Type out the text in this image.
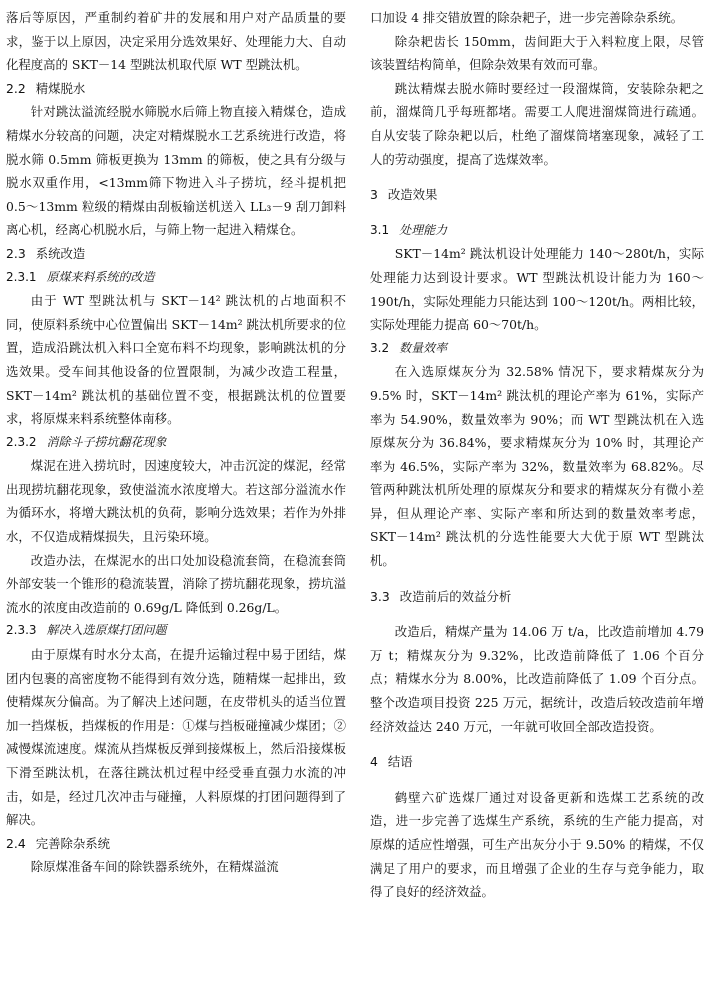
落后等原因，严重制约着矿井的发展和用户对产品质量的要求，鉴于以上原因，决定采用分选效果好、处理能力大、自动化程度高的 SKT－14 型跳汰机取代原 WT 型跳汰机。

2.2 精煤脱水

针对跳汰溢流经脱水筛脱水后筛上物直接入精煤仓，造成精煤水分较高的问题，决定对精煤脱水工艺系统进行改造，将脱水筛 0.5mm 筛板更换为 13mm 的筛板，使之具有分级与脱水双重作用，<13mm筛下物进入斗子捞坑，经斗提机把 0.5～13mm 粒级的精煤由刮板输送机送入 LL₃－9 刮刀卸料离心机，经离心机脱水后，与筛上物一起进入精煤仓。

2.3 系统改造
2.3.1 原煤来料系统的改造

由于 WT 型跳汰机与 SKT－14² 跳汰机的占地面积不同，使原料系统中心位置偏出 SKT－14m² 跳汰机所要求的位置，造成沿跳汰机入料口全宽布料不均现象，影响跳汰机的分选效果。受车间其他设备的位置限制，为减少改造工程量，SKT－14m² 跳汰机的基础位置不变，根据跳汰机的位置要求，将原煤来料系统整体南移。

2.3.2 消除斗子捞坑翻花现象

煤泥在进入捞坑时，因速度较大，冲击沉淀的煤泥，经常出现捞坑翻花现象，致使溢流水浓度增大。若这部分溢流水作为循环水，将增大跳汰机的负荷，影响分选效果；若作为外排水，不仅造成精煤损失，且污染环境。

改造办法，在煤泥水的出口处加设稳流套筒，在稳流套筒外部安装一个锥形的稳流装置，消除了捞坑翻花现象，捞坑溢流水的浓度由改造前的 0.69g/L 降低到 0.26g/L。

2.3.3 解决入选原煤打团问题

由于原煤有时水分太高，在提升运输过程中易于团结，煤团内包裹的高密度物不能得到有效分选，随精煤一起排出，致使精煤灰分偏高。为了解决上述问题，在皮带机头的适当位置加一挡煤板，挡煤板的作用是：①煤与挡板碰撞减少煤团；②减慢煤流速度。煤流从挡煤板反弹到接煤板上，然后沿接煤板下滑至跳汰机，在落往跳汰机过程中经受垂直强力水流的冲击，如是，经过几次冲击与碰撞，人料原煤的打团问题得到了解决。

2.4 完善除杂系统

除原煤准备车间的除铁器系统外，在精煤溢流

口加设 4 排交错放置的除杂耙子，进一步完善除杂系统。

除杂耙齿长 150mm，齿间距大于入料粒度上限，尽管该装置结构简单，但除杂效果有效而可靠。

跳汰精煤去脱水筛时要经过一段溜煤筒，安装除杂耙之前，溜煤筒几乎每班都堵。需要工人爬进溜煤筒进行疏通。自从安装了除杂耙以后，杜绝了溜煤筒堵塞现象，减轻了工人的劳动强度，提高了选煤效率。

3 改造效果
3.1 处理能力

SKT－14m² 跳汰机设计处理能力 140～280t/h，实际处理能力达到设计要求。WT 型跳汰机设计能力为 160～190t/h，实际处理能力只能达到 100～120t/h。两相比较，实际处理能力提高 60～70t/h。

3.2 数量效率

在入选原煤灰分为 32.58% 情况下，要求精煤灰分为 9.5% 时，SKT－14m² 跳汰机的理论产率为 61%，实际产率为 54.90%，数量效率为 90%；而 WT 型跳汰机在入选原煤灰分为 36.84%，要求精煤灰分为 10% 时，其理论产率为 46.5%，实际产率为 32%，数量效率为 68.82%。尽管两种跳汰机所处理的原煤灰分和要求的精煤灰分有微小差异，但从理论产率、实际产率和所达到的数量效率考虑，SKT－14m² 跳汰机的分选性能要大大优于原 WT 型跳汰机。

3.3 改造前后的效益分析

改造后，精煤产量为 14.06 万 t/a，比改造前增加 4.79 万 t；精煤灰分为 9.32%，比改造前降低了 1.06 个百分点；精煤水分为 8.00%，比改造前降低了 1.09 个百分点。整个改造项目投资 225 万元，据统计，改造后较改造前年增经济效益达 240 万元，一年就可收回全部改造投资。

4 结语

鹤壁六矿选煤厂通过对设备更新和选煤工艺系统的改造，进一步完善了选煤生产系统，系统的生产能力提高，对原煤的适应性增强，可生产出灰分小于 9.50% 的精煤，不仅满足了用户的要求，而且增强了企业的生存与竞争能力，取得了良好的经济效益。
